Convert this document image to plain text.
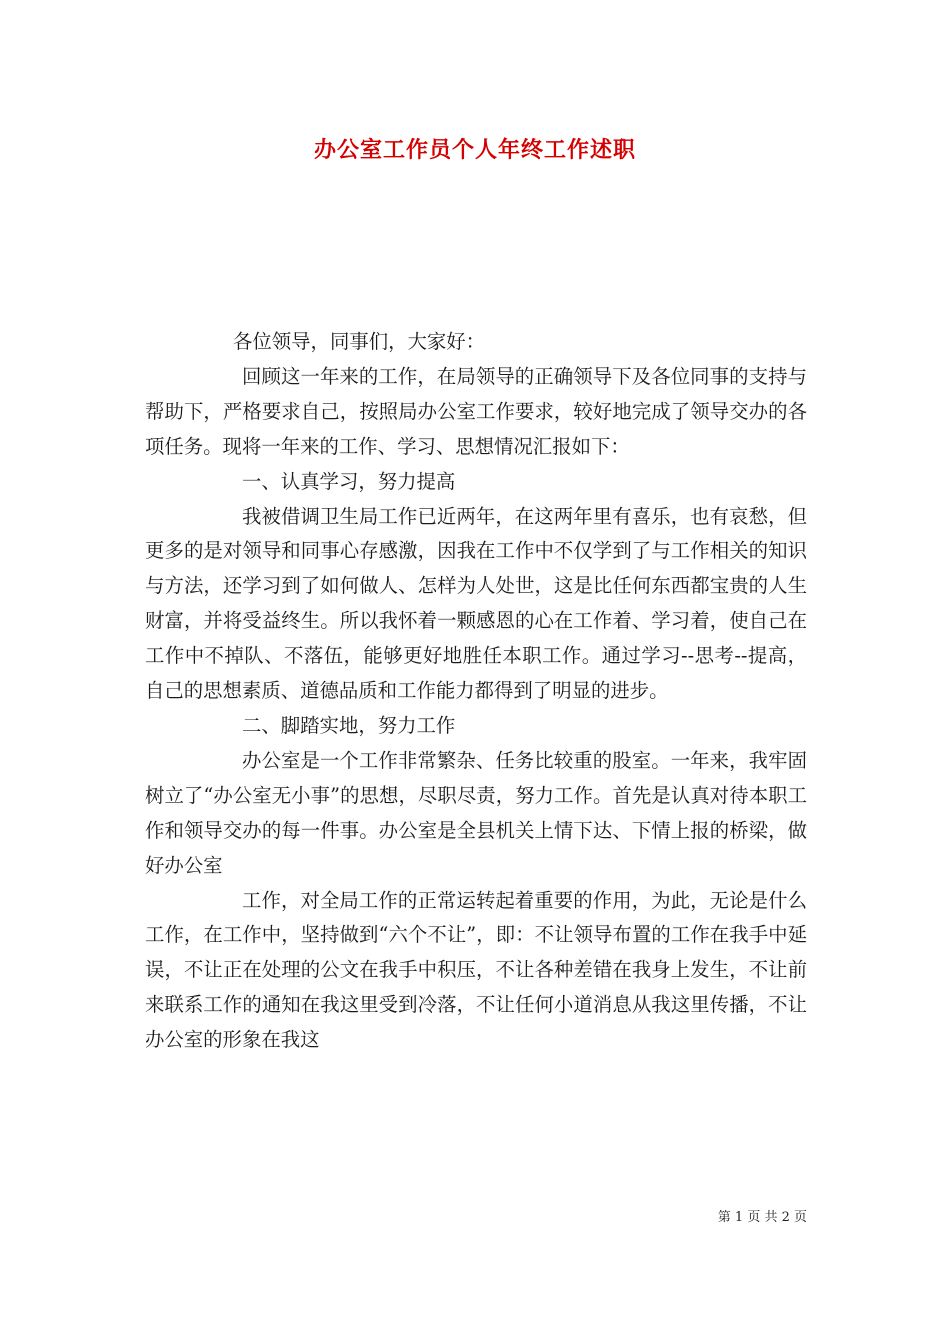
办公室工作员个人年终工作述职

各位领导，同事们，大家好：

回顾这一年来的工作，在局领导的正确领导下及各位同事的支持与帮助下，严格要求自己，按照局办公室工作要求，较好地完成了领导交办的各项任务。现将一年来的工作、学习、思想情况汇报如下：

一、认真学习，努力提高

我被借调卫生局工作已近两年，在这两年里有喜乐，也有哀愁，但更多的是对领导和同事心存感激，因我在工作中不仅学到了与工作相关的知识与方法，还学习到了如何做人、怎样为人处世，这是比任何东西都宝贵的人生财富，并将受益终生。所以我怀着一颗感恩的心在工作着、学习着，使自己在工作中不掉队、不落伍，能够更好地胜任本职工作。通过学习--思考--提高，自己的思想素质、道德品质和工作能力都得到了明显的进步。

二、脚踏实地，努力工作

办公室是一个工作非常繁杂、任务比较重的股室。一年来，我牢固树立了“办公室无小事”的思想，尽职尽责，努力工作。首先是认真对待本职工作和领导交办的每一件事。办公室是全县机关上情下达、下情上报的桥梁，做好办公室

工作，对全局工作的正常运转起着重要的作用，为此，无论是什么工作，在工作中，坚持做到“六个不让”，即：不让领导布置的工作在我手中延误，不让正在处理的公文在我手中积压，不让各种差错在我身上发生，不让前来联系工作的通知在我这里受到冷落，不让任何小道消息从我这里传播，不让办公室的形象在我这

第 1 页 共 2 页
